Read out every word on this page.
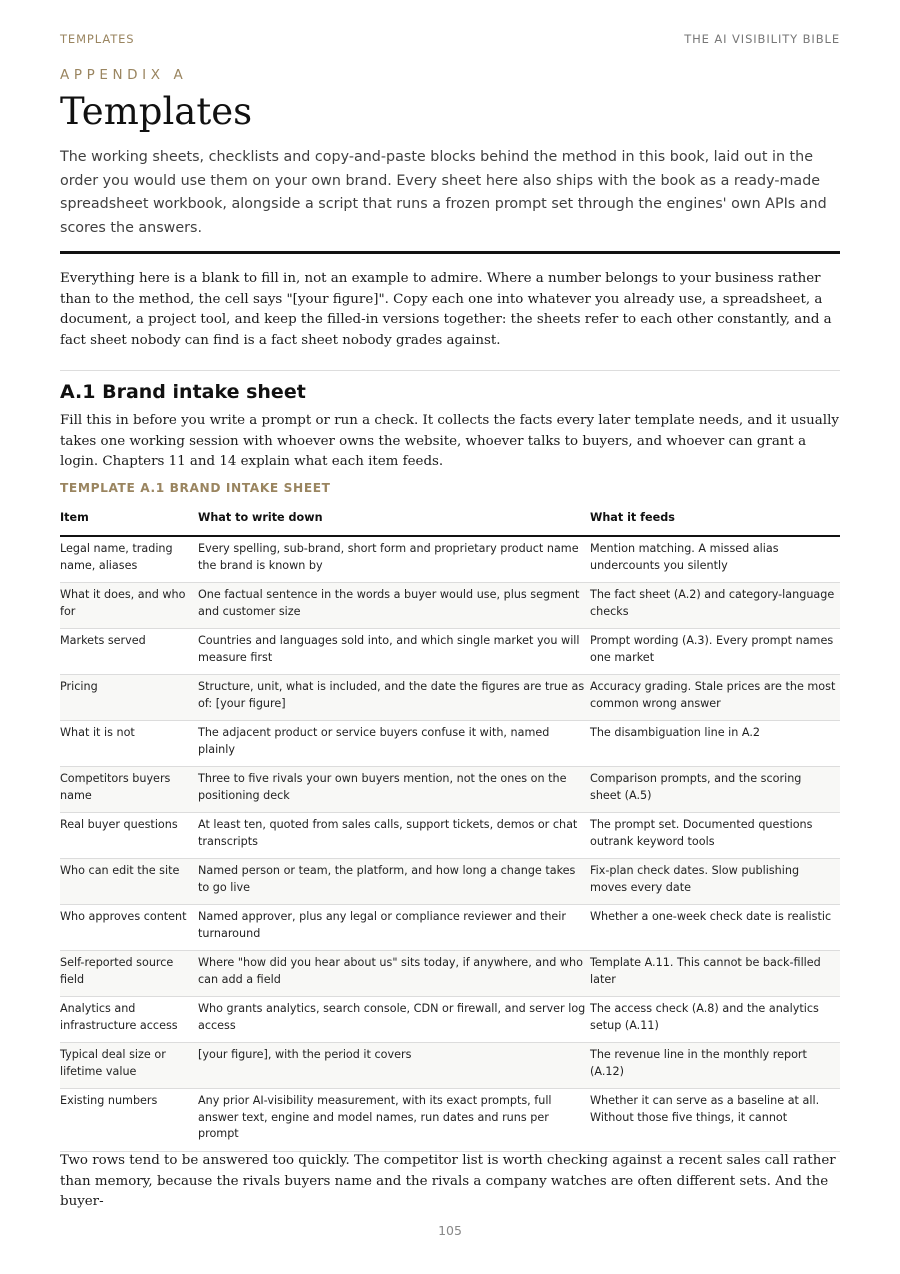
TEMPLATES	THE AI VISIBILITY BIBLE
APPENDIX A
Templates

The working sheets, checklists and copy-and-paste blocks behind the method in this book, laid out in the order you would use them on your own brand. Every sheet here also ships with the book as a ready-made spreadsheet workbook, alongside a script that runs a frozen prompt set through the engines' own APIs and scores the answers.

Everything here is a blank to fill in, not an example to admire. Where a number belongs to your business rather than to the method, the cell says "[your figure]". Copy each one into whatever you already use, a spreadsheet, a document, a project tool, and keep the filled-in versions together: the sheets refer to each other constantly, and a fact sheet nobody can find is a fact sheet nobody grades against.

A.1 Brand intake sheet

Fill this in before you write a prompt or run a check. It collects the facts every later template needs, and it usually takes one working session with whoever owns the website, whoever talks to buyers, and whoever can grant a login. Chapters 11 and 14 explain what each item feeds.

TEMPLATE A.1 BRAND INTAKE SHEET
Item	What to write down	What it feeds
Legal name, trading name, aliases	Every spelling, sub-brand, short form and proprietary product name the brand is known by	Mention matching. A missed alias undercounts you silently
What it does, and who for	One factual sentence in the words a buyer would use, plus segment and customer size	The fact sheet (A.2) and category-language checks
Markets served	Countries and languages sold into, and which single market you will measure first	Prompt wording (A.3). Every prompt names one market
Pricing	Structure, unit, what is included, and the date the figures are true as of: [your figure]	Accuracy grading. Stale prices are the most common wrong answer
What it is not	The adjacent product or service buyers confuse it with, named plainly	The disambiguation line in A.2
Competitors buyers name	Three to five rivals your own buyers mention, not the ones on the positioning deck	Comparison prompts, and the scoring sheet (A.5)
Real buyer questions	At least ten, quoted from sales calls, support tickets, demos or chat transcripts	The prompt set. Documented questions outrank keyword tools
Who can edit the site	Named person or team, the platform, and how long a change takes to go live	Fix-plan check dates. Slow publishing moves every date
Who approves content	Named approver, plus any legal or compliance reviewer and their turnaround	Whether a one-week check date is realistic
Self-reported source field	Where "how did you hear about us" sits today, if anywhere, and who can add a field	Template A.11. This cannot be back-filled later
Analytics and infrastructure access	Who grants analytics, search console, CDN or firewall, and server log access	The access check (A.8) and the analytics setup (A.11)
Typical deal size or lifetime value	[your figure], with the period it covers	The revenue line in the monthly report (A.12)
Existing numbers	Any prior AI-visibility measurement, with its exact prompts, full answer text, engine and model names, run dates and runs per prompt	Whether it can serve as a baseline at all. Without those five things, it cannot

Two rows tend to be answered too quickly. The competitor list is worth checking against a recent sales call rather than memory, because the rivals buyers name and the rivals a company watches are often different sets. And the buyer-

105
